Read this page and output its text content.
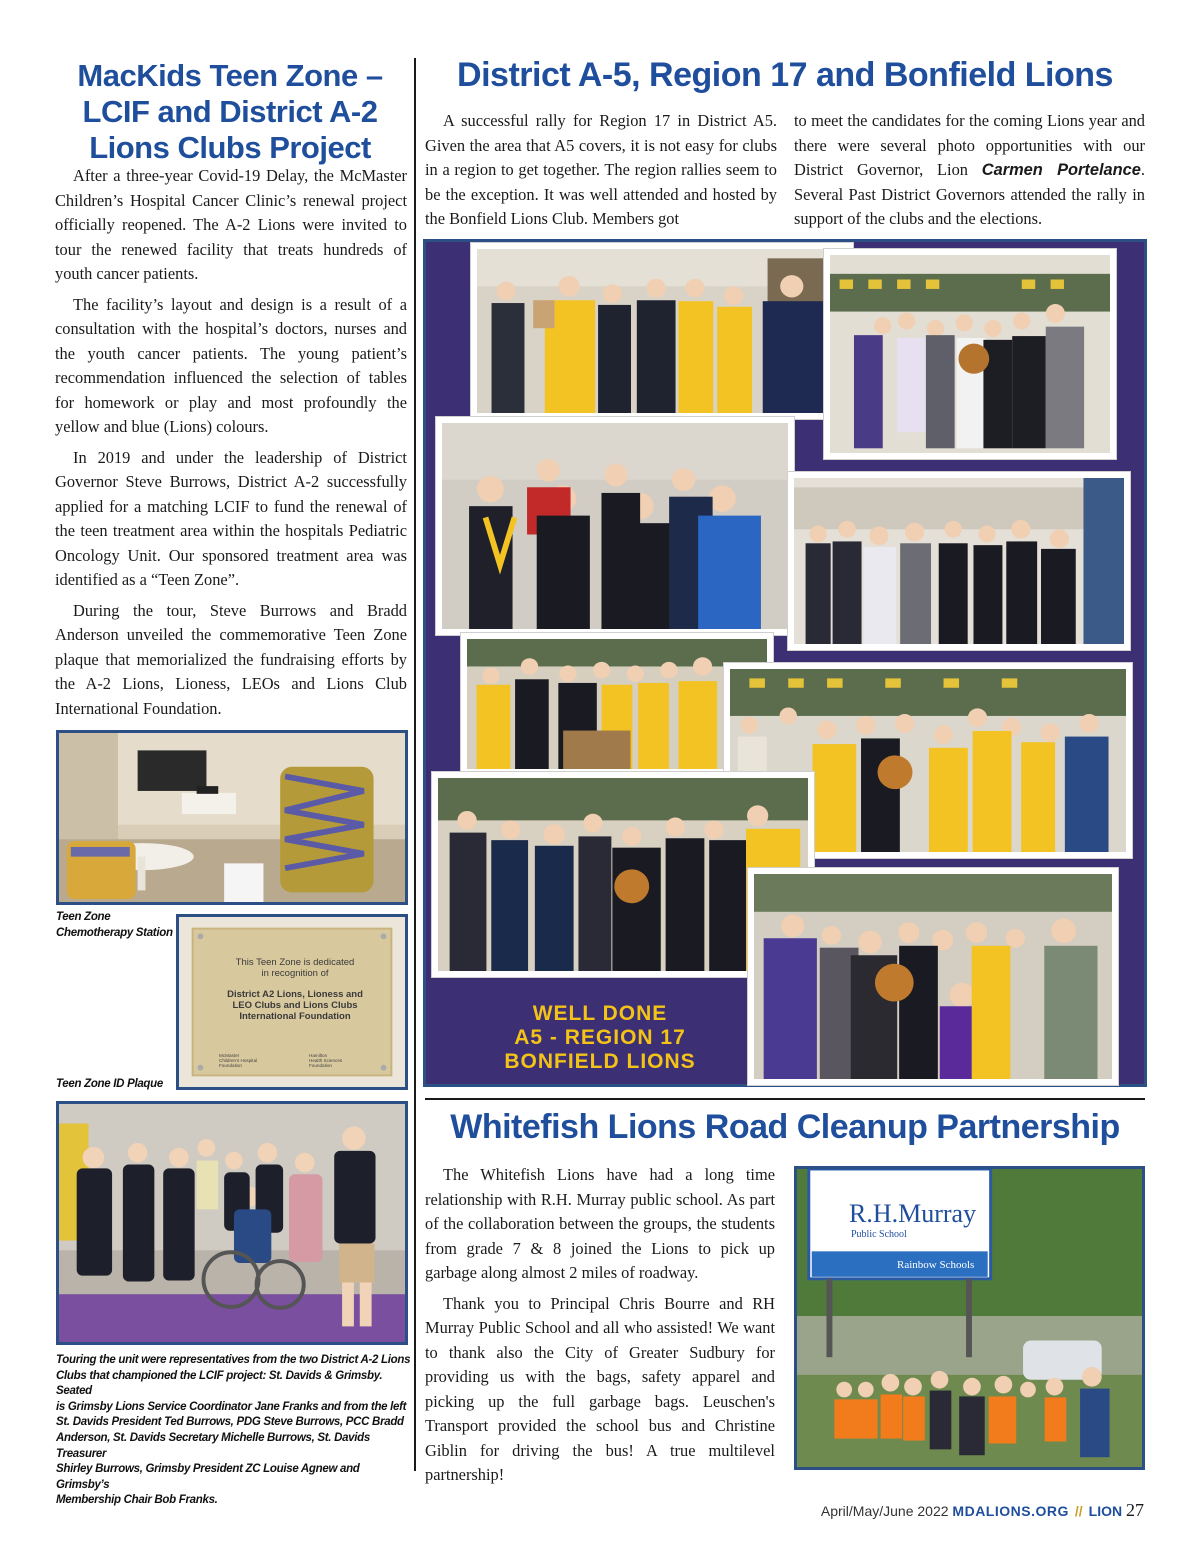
MacKids Teen Zone –
LCIF and District A-2
Lions Clubs Project

After a three-year Covid-19 Delay, the McMaster Children’s Hospital Cancer Clinic’s renewal project officially reopened. The A-2 Lions were invited to tour the renewed facility that treats hundreds of youth cancer patients.

The facility’s layout and design is a result of a consultation with the hospital’s doctors, nurses and the youth cancer patients. The young patient’s recommendation influenced the selection of tables for homework or play and most profoundly the yellow and blue (Lions) colours.

In 2019 and under the leadership of District Governor Steve Burrows, District A-2 successfully applied for a matching LCIF to fund the renewal of the teen treatment area within the hospitals Pediatric Oncology Unit. Our sponsored treatment area was identified as a “Teen Zone”.

During the tour, Steve Burrows and Bradd Anderson unveiled the commemorative Teen Zone plaque that memorialized the fundraising efforts by the A-2 Lions, Lioness, LEOs and Lions Club International Foundation.

Teen Zone
Chemotherapy Station
This Teen Zone is dedicated
in recognition of
District A2 Lions, Lioness and
LEO Clubs and Lions Clubs
International Foundation
McMaster
Children's Hospital
Foundation
Hamilton
Health Sciences
Foundation
Teen Zone ID Plaque
Touring the unit were representatives from the two District A-2 Lions
Clubs that championed the LCIF project: St. Davids & Grimsby. Seated
is Grimsby Lions Service Coordinator Jane Franks and from the left
St. Davids President Ted Burrows, PDG Steve Burrows, PCC Bradd
Anderson, St. Davids Secretary Michelle Burrows, St. Davids Treasurer
Shirley Burrows, Grimsby President ZC Louise Agnew and Grimsby’s
Membership Chair Bob Franks.
District A-5, Region 17 and Bonfield Lions

A successful rally for Region 17 in District A5. Given the area that A5 covers, it is not easy for clubs in a region to get together. The region rallies seem to be the exception. It was well attended and hosted by the Bonfield Lions Club. Members got

to meet the candidates for the coming Lions year and there were several photo opportunities with our District Governor, Lion Carmen Portelance. Several Past District Governors attended the rally in support of the clubs and the elections.

WELL DONE
A5 - REGION 17
BONFIELD LIONS
Whitefish Lions Road Cleanup Partnership

The Whitefish Lions have had a long time relationship with R.H. Murray public school. As part of the collaboration between the groups, the students from grade 7 & 8 joined the Lions to pick up garbage along almost 2 miles of roadway.

Thank you to Principal Chris Bourre and RH Murray Public School and all who assisted! We want to thank also the City of Greater Sudbury for providing us with the bags, safety apparel and picking up the full garbage bags. Leuschen's Transport provided the school bus and Christine Giblin for driving the bus! A true multilevel partnership!

R.H.Murray
Public School
Rainbow Schools
April/May/June 2022 MDALIONS.ORG // LION 27
